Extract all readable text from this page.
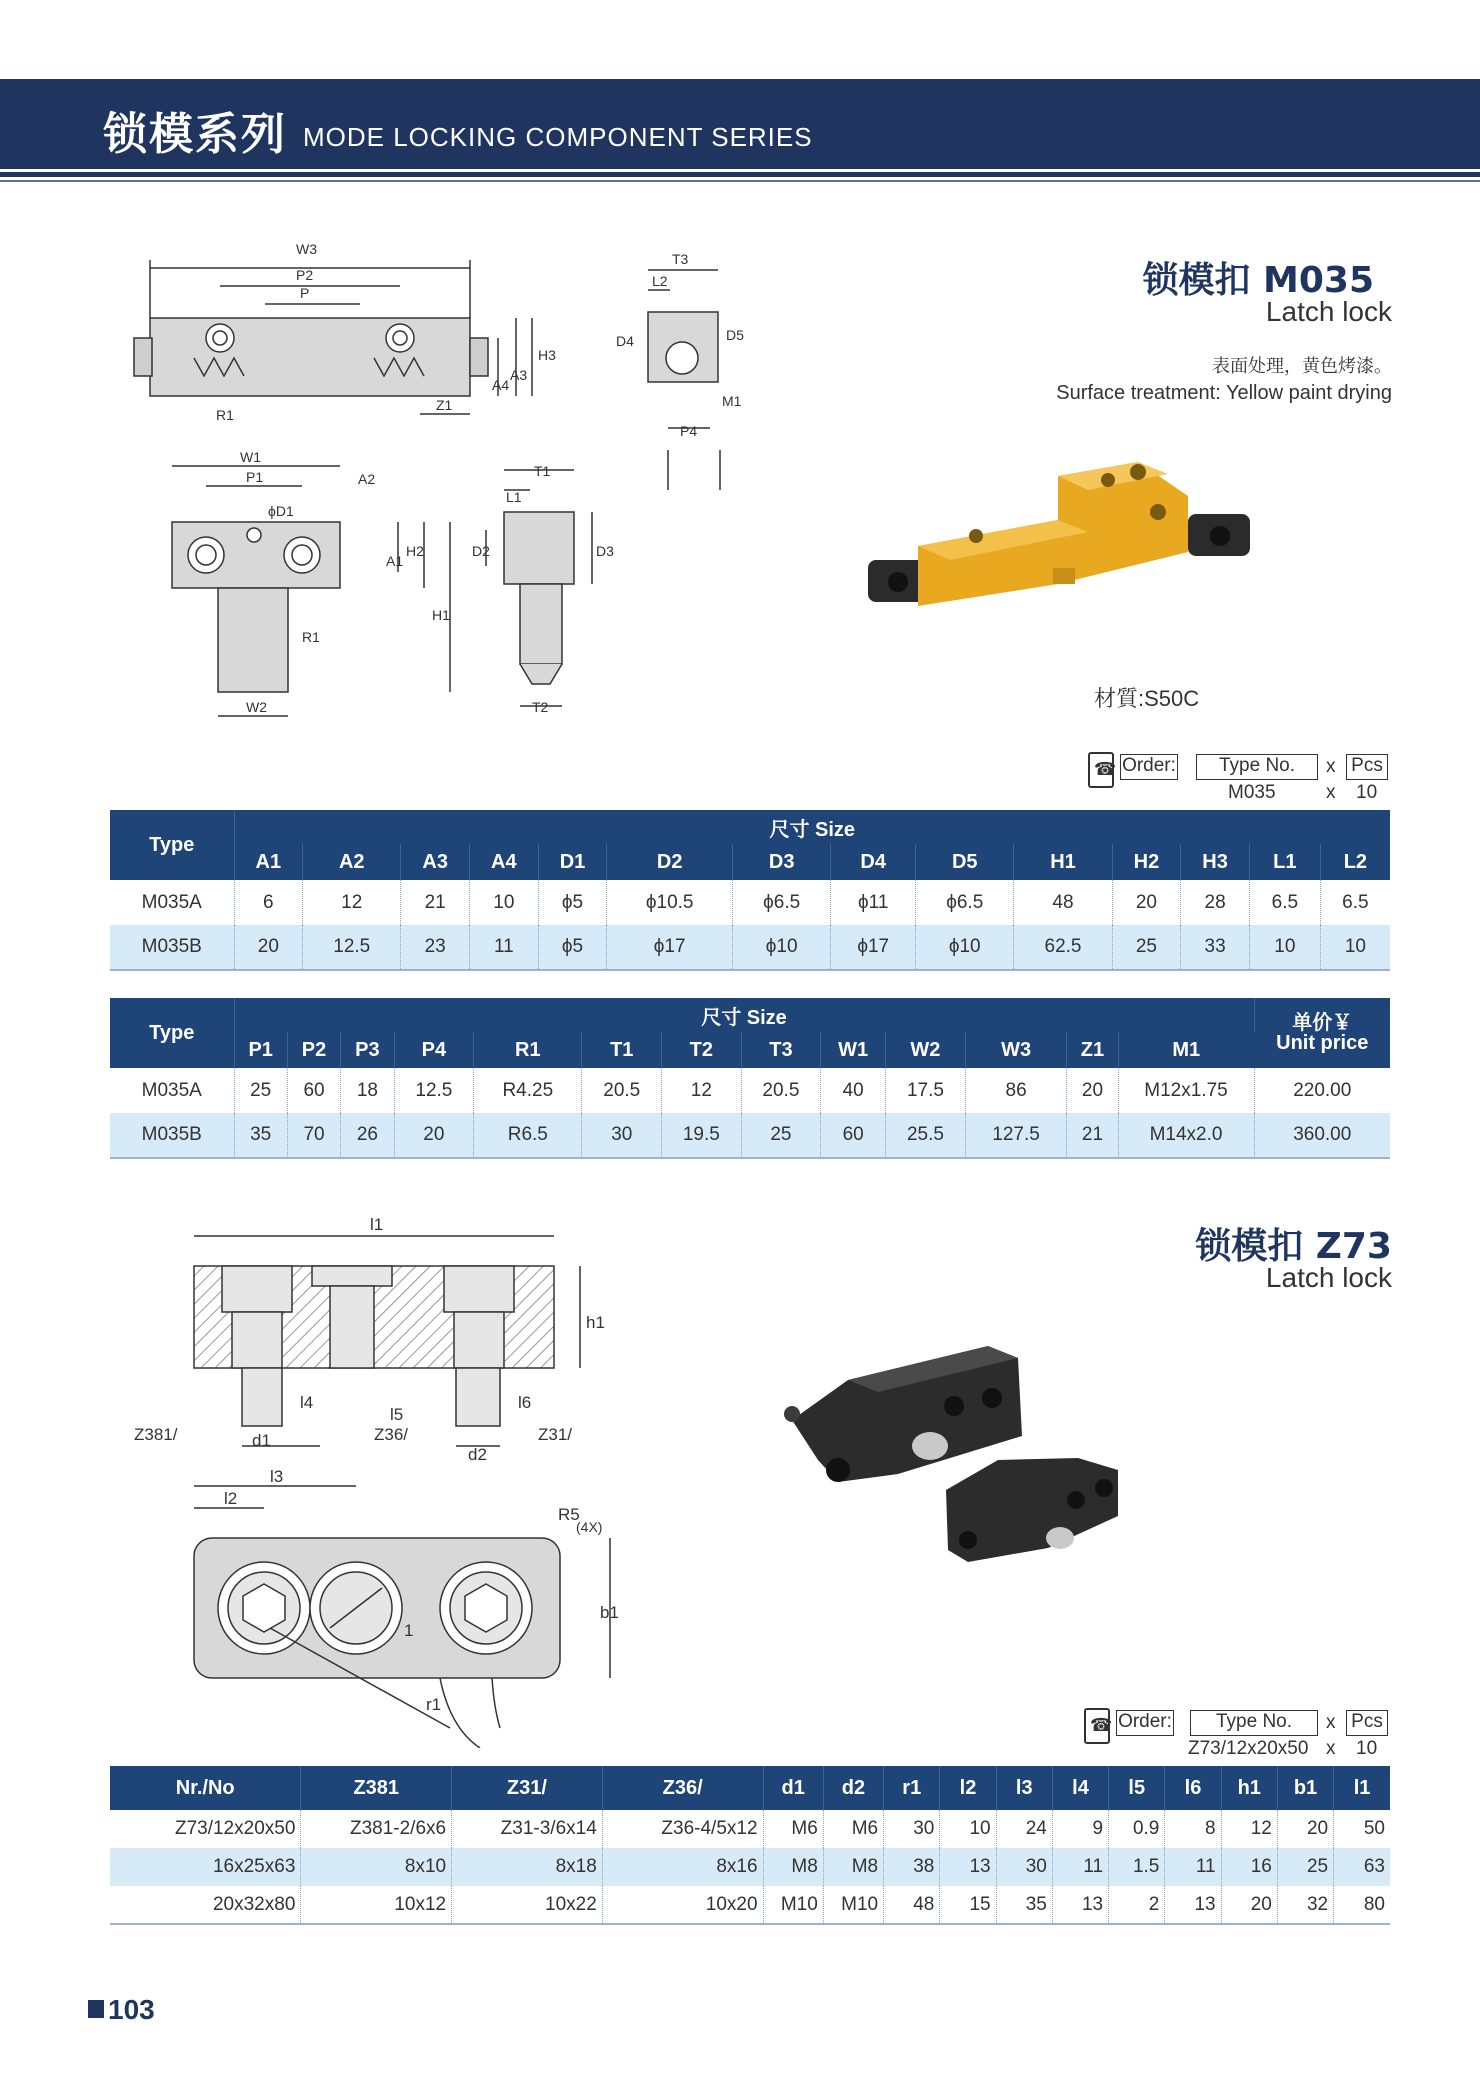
锁模系列 MODE LOCKING COMPONENT SERIES
W3
P2
P
R1
Z1
A4
A3
H3
T3
L2
D4	D5
M1
P4
W1
P1
ϕD1
A2
A1
H2
H1
R1
W2
T1
L1
D2	D3
T2
锁模扣 M035
Latch lock
表面处理，黄色烤漆。
Surface treatment: Yellow paint drying
材質:S50C
☎ Order:	Type No.	x Pcs
M035	x 10
Type	尺寸 Size													
	A1	A2	A3	A4	D1	D2	D3	D4	D5	H1	H2	H3	L1	L2
M035A	6	12	21	10	ϕ5	ϕ10.5	ϕ6.5	ϕ11	ϕ6.5	48	20	28	6.5	6.5
M035B	20	12.5	23	11	ϕ5	ϕ17	ϕ10	ϕ17	ϕ10	62.5	25	33	10	10
Type	尺寸 Size													单价￥
Unit price

	P1	P2	P3	P4	R1	T1	T2	T3	W1	W2	W3	Z1	M1	
M035A	25	60	18	12.5	R4.25	20.5	12	20.5	40	17.5	86	20	M12x1.75	220.00
M035B	35	70	26	20	R6.5	30	19.5	25	60	25.5	127.5	21	M14x2.0	360.00
l1
h1
l4
l5
l6
Z381/	d1	Z36/
d2
Z31/
l3
l2
R5
(4X)
b1
1
r1
锁模扣 Z73
Latch lock
☎ Order:	Type No.	x Pcs
Z73/12x20x50 x 10
Nr./No	Z381	Z31/	Z36/	d1	d2	r1	l2	l3	l4	l5	l6	h1	b1	l1
Z73/12x20x50	Z381-2/6x6	Z31-3/6x14	Z36-4/5x12	M6	M6	30	10	24	9	0.9	8	12	20	50
16x25x63	8x10	8x18	8x16	M8	M8	38	13	30	11	1.5	11	16	25	63
20x32x80	10x12	10x22	10x20	M10	M10	48	15	35	13	2	13	20	32	80
103
